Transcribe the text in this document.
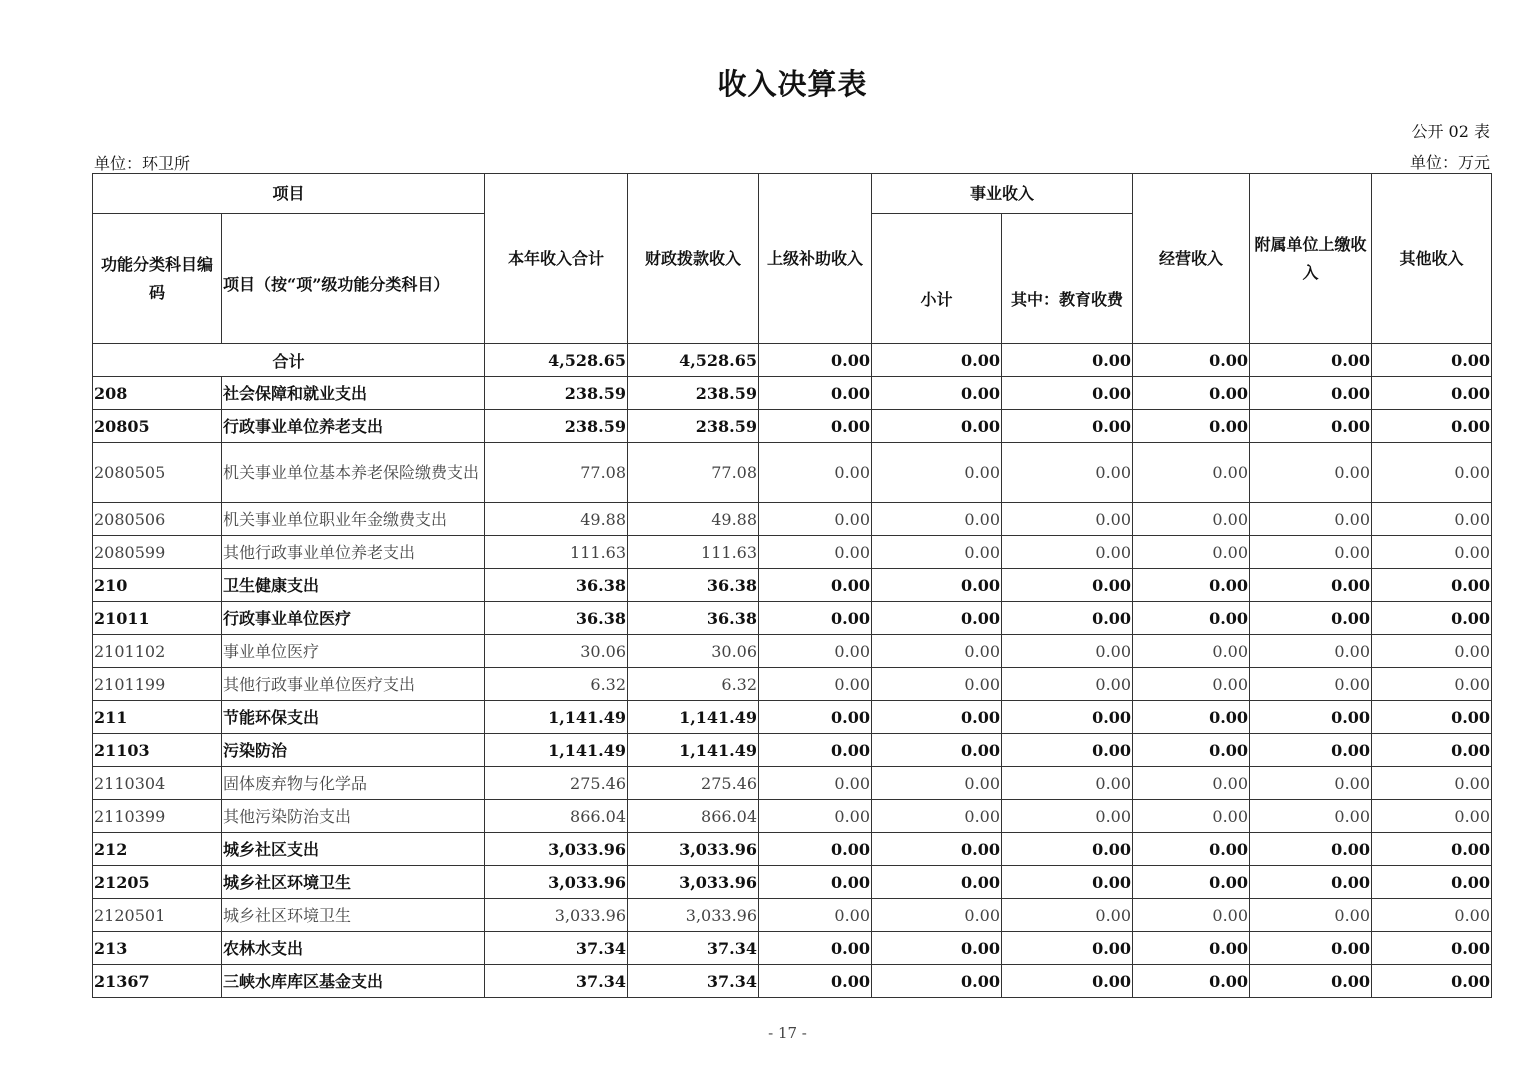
收入决算表
公开 02 表
单位：环卫所	单位：万元
项目		本年收入合计	财政拨款收入	上级补助收入	事业收入		经营收入	附属单位上缴收入	其他收入
功能分类科目编码	项目（按“项”级功能分类科目）				小计	其中：教育收费			
合计		4,528.65	4,528.65	0.00	0.00	0.00	0.00	0.00	0.00
208	社会保障和就业支出	238.59	238.59	0.00	0.00	0.00	0.00	0.00	0.00
20805	行政事业单位养老支出	238.59	238.59	0.00	0.00	0.00	0.00	0.00	0.00
2080505	机关事业单位基本养老保险缴费支出	77.08	77.08	0.00	0.00	0.00	0.00	0.00	0.00
2080506	机关事业单位职业年金缴费支出	49.88	49.88	0.00	0.00	0.00	0.00	0.00	0.00
2080599	其他行政事业单位养老支出	111.63	111.63	0.00	0.00	0.00	0.00	0.00	0.00
210	卫生健康支出	36.38	36.38	0.00	0.00	0.00	0.00	0.00	0.00
21011	行政事业单位医疗	36.38	36.38	0.00	0.00	0.00	0.00	0.00	0.00
2101102	事业单位医疗	30.06	30.06	0.00	0.00	0.00	0.00	0.00	0.00
2101199	其他行政事业单位医疗支出	6.32	6.32	0.00	0.00	0.00	0.00	0.00	0.00
211	节能环保支出	1,141.49	1,141.49	0.00	0.00	0.00	0.00	0.00	0.00
21103	污染防治	1,141.49	1,141.49	0.00	0.00	0.00	0.00	0.00	0.00
2110304	固体废弃物与化学品	275.46	275.46	0.00	0.00	0.00	0.00	0.00	0.00
2110399	其他污染防治支出	866.04	866.04	0.00	0.00	0.00	0.00	0.00	0.00
212	城乡社区支出	3,033.96	3,033.96	0.00	0.00	0.00	0.00	0.00	0.00
21205	城乡社区环境卫生	3,033.96	3,033.96	0.00	0.00	0.00	0.00	0.00	0.00
2120501	城乡社区环境卫生	3,033.96	3,033.96	0.00	0.00	0.00	0.00	0.00	0.00
213	农林水支出	37.34	37.34	0.00	0.00	0.00	0.00	0.00	0.00
21367	三峡水库库区基金支出	37.34	37.34	0.00	0.00	0.00	0.00	0.00	0.00
- 17 -
